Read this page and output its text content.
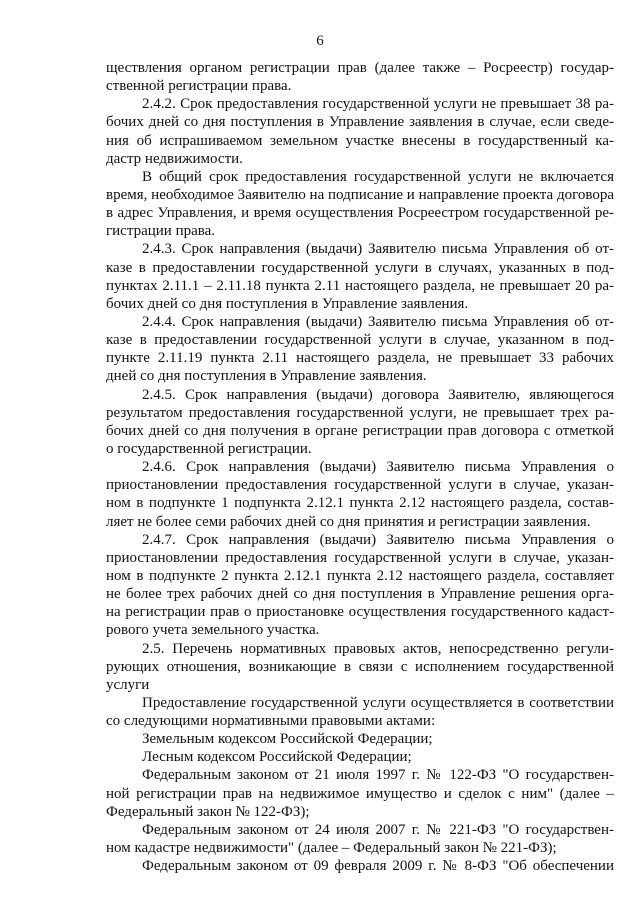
6
ществления органом регистрации прав (далее также – Росреестр) государ-
ственной регистрации права.
2.4.2. Срок предоставления государственной услуги не превышает 38 ра-
бочих дней со дня поступления в Управление заявления в случае, если сведе-
ния об испрашиваемом земельном участке внесены в государственный ка-
дастр недвижимости.
В общий срок предоставления государственной услуги не включается
время, необходимое Заявителю на подписание и направление проекта договора
в адрес Управления, и время осуществления Росреестром государственной ре-
гистрации права.
2.4.3. Срок направления (выдачи) Заявителю письма Управления об от-
казе в предоставлении государственной услуги в случаях, указанных в под-
пунктах 2.11.1 – 2.11.18 пункта 2.11 настоящего раздела, не превышает 20 ра-
бочих дней со дня поступления в Управление заявления.
2.4.4. Срок направления (выдачи) Заявителю письма Управления об от-
казе в предоставлении государственной услуги в случае, указанном в под-
пункте 2.11.19 пункта 2.11 настоящего раздела, не превышает 33 рабочих
дней со дня поступления в Управление заявления.
2.4.5. Срок направления (выдачи) договора Заявителю, являющегося
результатом предоставления государственной услуги, не превышает трех ра-
бочих дней со дня получения в органе регистрации прав договора с отметкой
о государственной регистрации.
2.4.6. Срок направления (выдачи) Заявителю письма Управления о
приостановлении предоставления государственной услуги в случае, указан-
ном в подпункте 1 подпункта 2.12.1 пункта 2.12 настоящего раздела, состав-
ляет не более семи рабочих дней со дня принятия и регистрации заявления.
2.4.7. Срок направления (выдачи) Заявителю письма Управления о
приостановлении предоставления государственной услуги в случае, указан-
ном в подпункте 2 пункта 2.12.1 пункта 2.12 настоящего раздела, составляет
не более трех рабочих дней со дня поступления в Управление решения орга-
на регистрации прав о приостановке осуществления государственного кадаст-
рового учета земельного участка.
2.5. Перечень нормативных правовых актов, непосредственно регули-
рующих отношения, возникающие в связи с исполнением государственной
услуги
Предоставление государственной услуги осуществляется в соответствии
со следующими нормативными правовыми актами:
Земельным кодексом Российской Федерации;
Лесным кодексом Российской Федерации;
Федеральным законом от 21 июля 1997 г. № 122-ФЗ "О государствен-
ной регистрации прав на недвижимое имущество и сделок с ним" (далее –
Федеральный закон № 122-ФЗ);
Федеральным законом от 24 июля 2007 г. № 221-ФЗ "О государствен-
ном кадастре недвижимости" (далее – Федеральный закон № 221-ФЗ);
Федеральным законом от 09 февраля 2009 г. № 8-ФЗ "Об обеспечении
